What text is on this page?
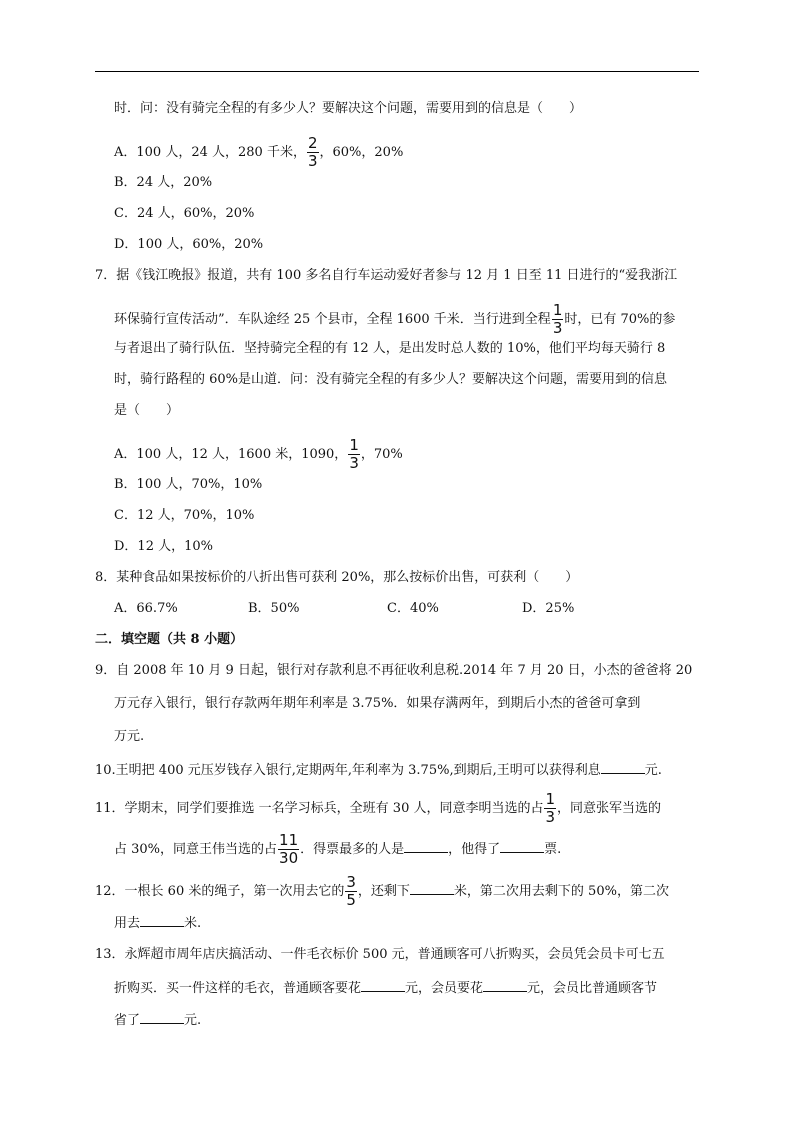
时．问：没有骑完全程的有多少人？要解决这个问题，需要用到的信息是（　　）
A．100 人，24 人，280 千米， $\frac{2}{3}$ ，60%，20%
B．24 人，20%
C．24 人，60%，20%
D．100 人，60%，20%
7．据《钱江晚报》报道，共有 100 多名自行车运动爱好者参与 12 月 1 日至 11 日进行的“爱我浙江
环保骑行宣传活动”．车队途经 25 个县市，全程 1600 千米．当行进到全程 $\frac{1}{3}$ 时，已有 70%的参
与者退出了骑行队伍．坚持骑完全程的有 12 人，是出发时总人数的 10%，他们平均每天骑行 8
时，骑行路程的 60%是山道．问：没有骑完全程的有多少人？要解决这个问题，需要用到的信息
是（　　）
A．100 人，12 人，1600 米，1090， $\frac{1}{3}$ ，70%
B．100 人，70%，10%
C．12 人，70%，10%
D．12 人，10%
8．某种食品如果按标价的八折出售可获利 20%，那么按标价出售，可获利（　　）
A．66.7%	B．50%	C．40%	D．25%
二．填空题（共 8 小题）
9．自 2008 年 10 月 9 日起，银行对存款利息不再征收利息税.2014 年 7 月 20 日，小杰的爸爸将 20
万元存入银行，银行存款两年期年利率是 3.75%．如果存满两年，到期后小杰的爸爸可拿到
万元.
10.王明把 400 元压岁钱存入银行,定期两年,年利率为 3.75%,到期后,王明可以获得利息	元.
11．学期末，同学们要推选 一名学习标兵，全班有 30 人，同意李明当选的占 $\frac{1}{3}$ ，同意张军当选的
占 30%，同意王伟当选的占 $\frac{11}{30}$ ．得票最多的人是	，他得了	票.
12．一根长 60 米的绳子，第一次用去它的 $\frac{3}{5}$ ，还剩下	米，第二次用去剩下的 50%，第二次
用去	米.
13．永辉超市周年店庆搞活动、一件毛衣标价 500 元，普通顾客可八折购买，会员凭会员卡可七五
折购买．买一件这样的毛衣，普通顾客要花	元，会员要花	元，会员比普通顾客节
省了	元.
